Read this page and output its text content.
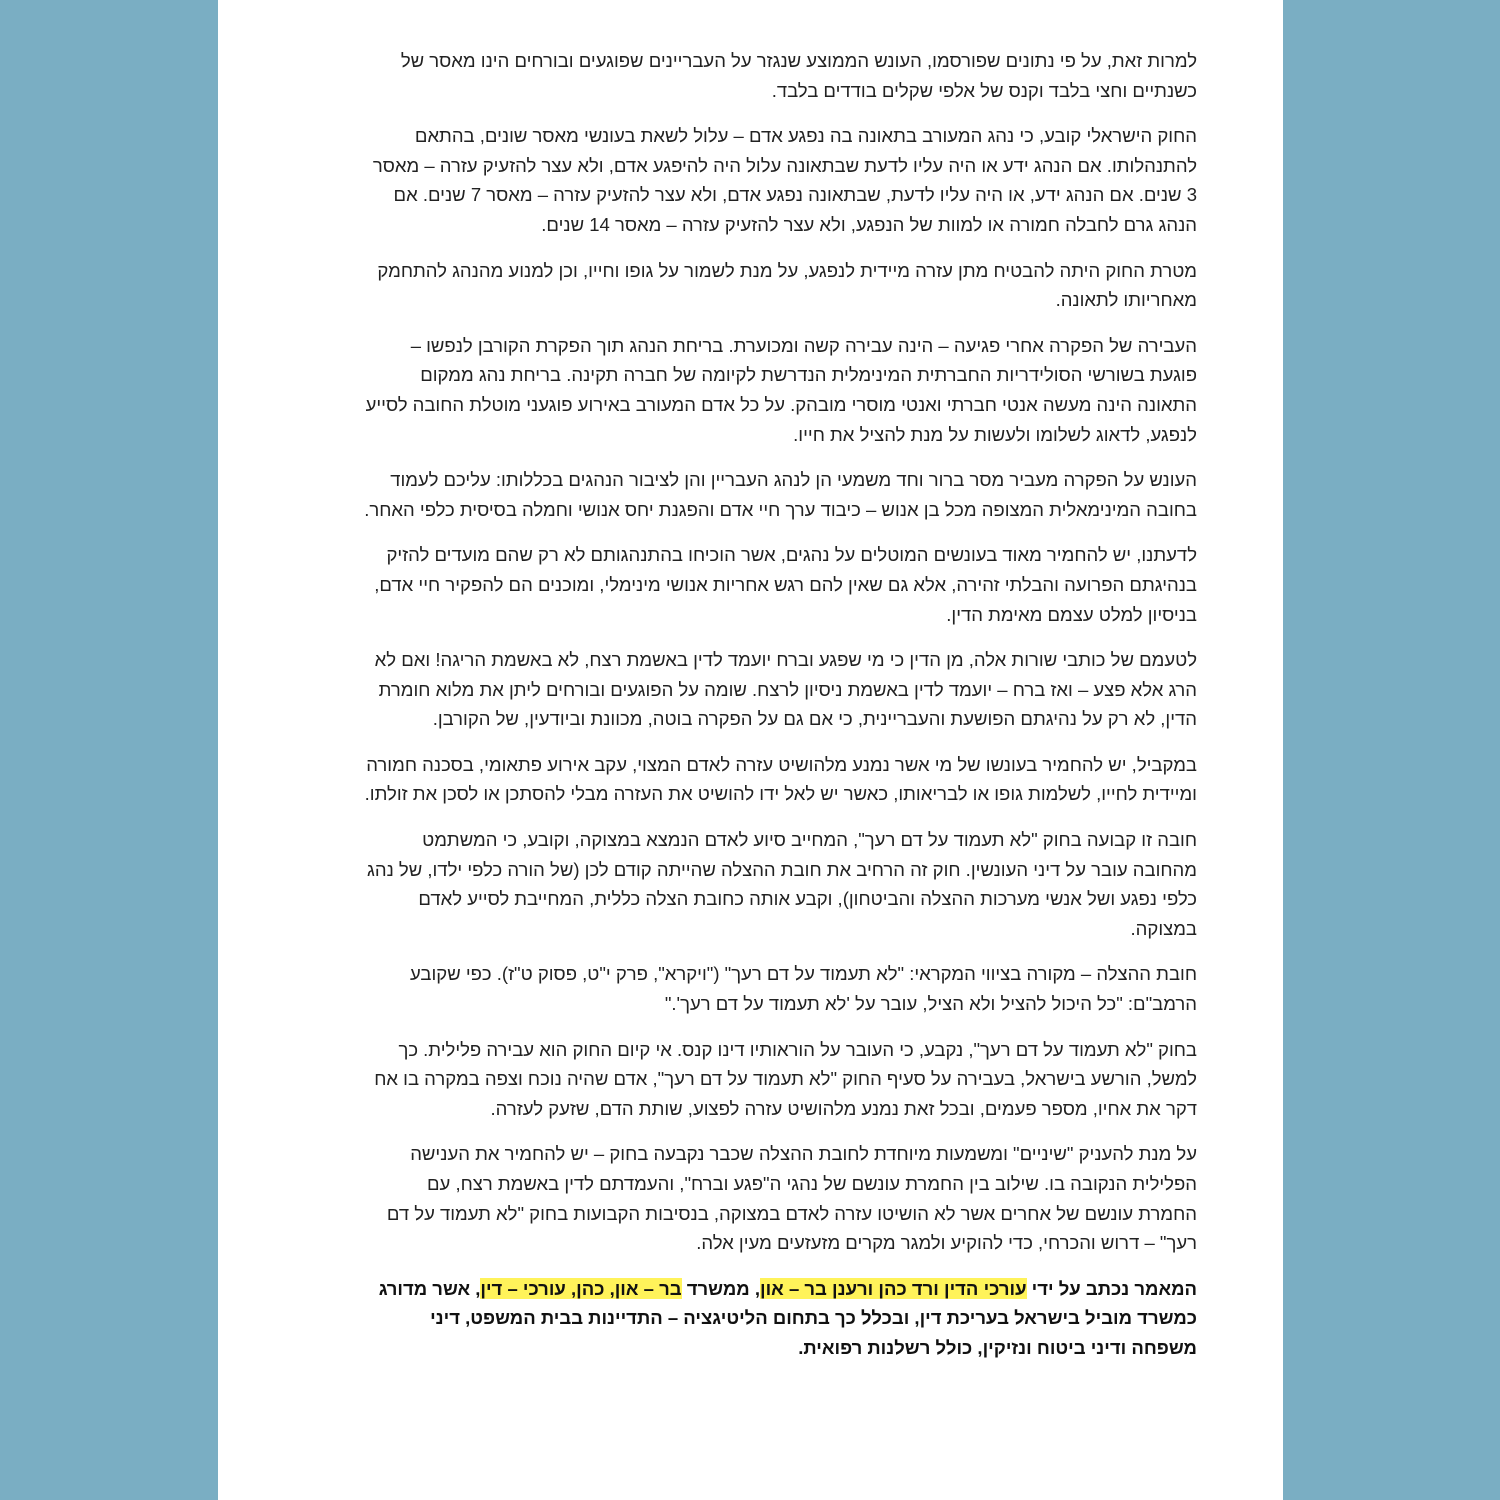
למרות זאת, על פי נתונים שפורסמו, העונש הממוצע שנגזר על העבריינים שפוגעים ובורחים הינו מאסר של כשנתיים וחצי בלבד וקנס של אלפי שקלים בודדים בלבד.

החוק הישראלי קובע, כי נהג המעורב בתאונה בה נפגע אדם – עלול לשאת בעונשי מאסר שונים, בהתאם להתנהלותו. אם הנהג ידע או היה עליו לדעת שבתאונה עלול היה להיפגע אדם, ולא עצר להזעיק עזרה – מאסר 3 שנים. אם הנהג ידע, או היה עליו לדעת, שבתאונה נפגע אדם, ולא עצר להזעיק עזרה – מאסר 7 שנים. אם הנהג גרם לחבלה חמורה או למוות של הנפגע, ולא עצר להזעיק עזרה – מאסר 14 שנים.

מטרת החוק היתה להבטיח מתן עזרה מיידית לנפגע, על מנת לשמור על גופו וחייו, וכן למנוע מהנהג להתחמק מאחריותו לתאונה.

העבירה של הפקרה אחרי פגיעה – הינה עבירה קשה ומכוערת. בריחת הנהג תוך הפקרת הקורבן לנפשו – פוגעת בשורשי הסולידריות החברתית המינימלית הנדרשת לקיומה של חברה תקינה. בריחת נהג ממקום התאונה הינה מעשה אנטי חברתי ואנטי מוסרי מובהק. על כל אדם המעורב באירוע פוגעני מוטלת החובה לסייע לנפגע, לדאוג לשלומו ולעשות על מנת להציל את חייו.

העונש על הפקרה מעביר מסר ברור וחד משמעי הן לנהג העבריין והן לציבור הנהגים בכללותו: עליכם לעמוד בחובה המינימאלית המצופה מכל בן אנוש – כיבוד ערך חיי אדם והפגנת יחס אנושי וחמלה בסיסית כלפי האחר.

לדעתנו, יש להחמיר מאוד בעונשים המוטלים על נהגים, אשר הוכיחו בהתנהגותם לא רק שהם מועדים להזיק בנהיגתם הפרועה והבלתי זהירה, אלא גם שאין להם רגש אחריות אנושי מינימלי, ומוכנים הם להפקיר חיי אדם, בניסיון למלט עצמם מאימת הדין.

לטעמם של כותבי שורות אלה, מן הדין כי מי שפגע וברח יועמד לדין באשמת רצח, לא באשמת הריגה! ואם לא הרג אלא פצע – ואז ברח – יועמד לדין באשמת ניסיון לרצח. שומה על הפוגעים ובורחים ליתן את מלוא חומרת הדין, לא רק על נהיגתם הפושעת והעבריינית, כי אם גם על הפקרה בוטה, מכוונת וביודעין, של הקורבן.

במקביל, יש להחמיר בעונשו של מי אשר נמנע מלהושיט עזרה לאדם המצוי, עקב אירוע פתאומי, בסכנה חמורה ומיידית לחייו, לשלמות גופו או לבריאותו, כאשר יש לאל ידו להושיט את העזרה מבלי להסתכן או לסכן את זולתו.

חובה זו קבועה בחוק "לא תעמוד על דם רעך", המחייב סיוע לאדם הנמצא במצוקה, וקובע, כי המשתמט מהחובה עובר על דיני העונשין. חוק זה הרחיב את חובת ההצלה שהייתה קודם לכן (של הורה כלפי ילדו, של נהג כלפי נפגע ושל אנשי מערכות ההצלה והביטחון), וקבע אותה כחובת הצלה כללית, המחייבת לסייע לאדם במצוקה.

חובת ההצלה – מקורה בציווי המקראי: "לא תעמוד על דם רעך" ("ויקרא", פרק י"ט, פסוק ט"ז). כפי שקובע הרמב"ם: "כל היכול להציל ולא הציל, עובר על 'לא תעמוד על דם רעך'."

בחוק "לא תעמוד על דם רעך", נקבע, כי העובר על הוראותיו דינו קנס. אי קיום החוק הוא עבירה פלילית. כך למשל, הורשע בישראל, בעבירה על סעיף החוק "לא תעמוד על דם רעך", אדם שהיה נוכח וצפה במקרה בו אח דקר את אחיו, מספר פעמים, ובכל זאת נמנע מלהושיט עזרה לפצוע, שותת הדם, שזעק לעזרה.

על מנת להעניק "שיניים" ומשמעות מיוחדת לחובת ההצלה שכבר נקבעה בחוק – יש להחמיר את הענישה הפלילית הנקובה בו. שילוב בין החמרת עונשם של נהגי ה"פגע וברח", והעמדתם לדין באשמת רצח, עם החמרת עונשם של אחרים אשר לא הושיטו עזרה לאדם במצוקה, בנסיבות הקבועות בחוק "לא תעמוד על דם רעך" – דרוש והכרחי, כדי להוקיע ולמגר מקרים מזעזעים מעין אלה.

המאמר נכתב על ידי עורכי הדין ורד כהן ורענן בר – און, ממשרד בר – און, כהן, עורכי – דין, אשר מדורג כמשרד מוביל בישראל בעריכת דין, ובכלל כך בתחום הליטיגציה – התדיינות בבית המשפט, דיני משפחה ודיני ביטוח ונזיקין, כולל רשלנות רפואית.
